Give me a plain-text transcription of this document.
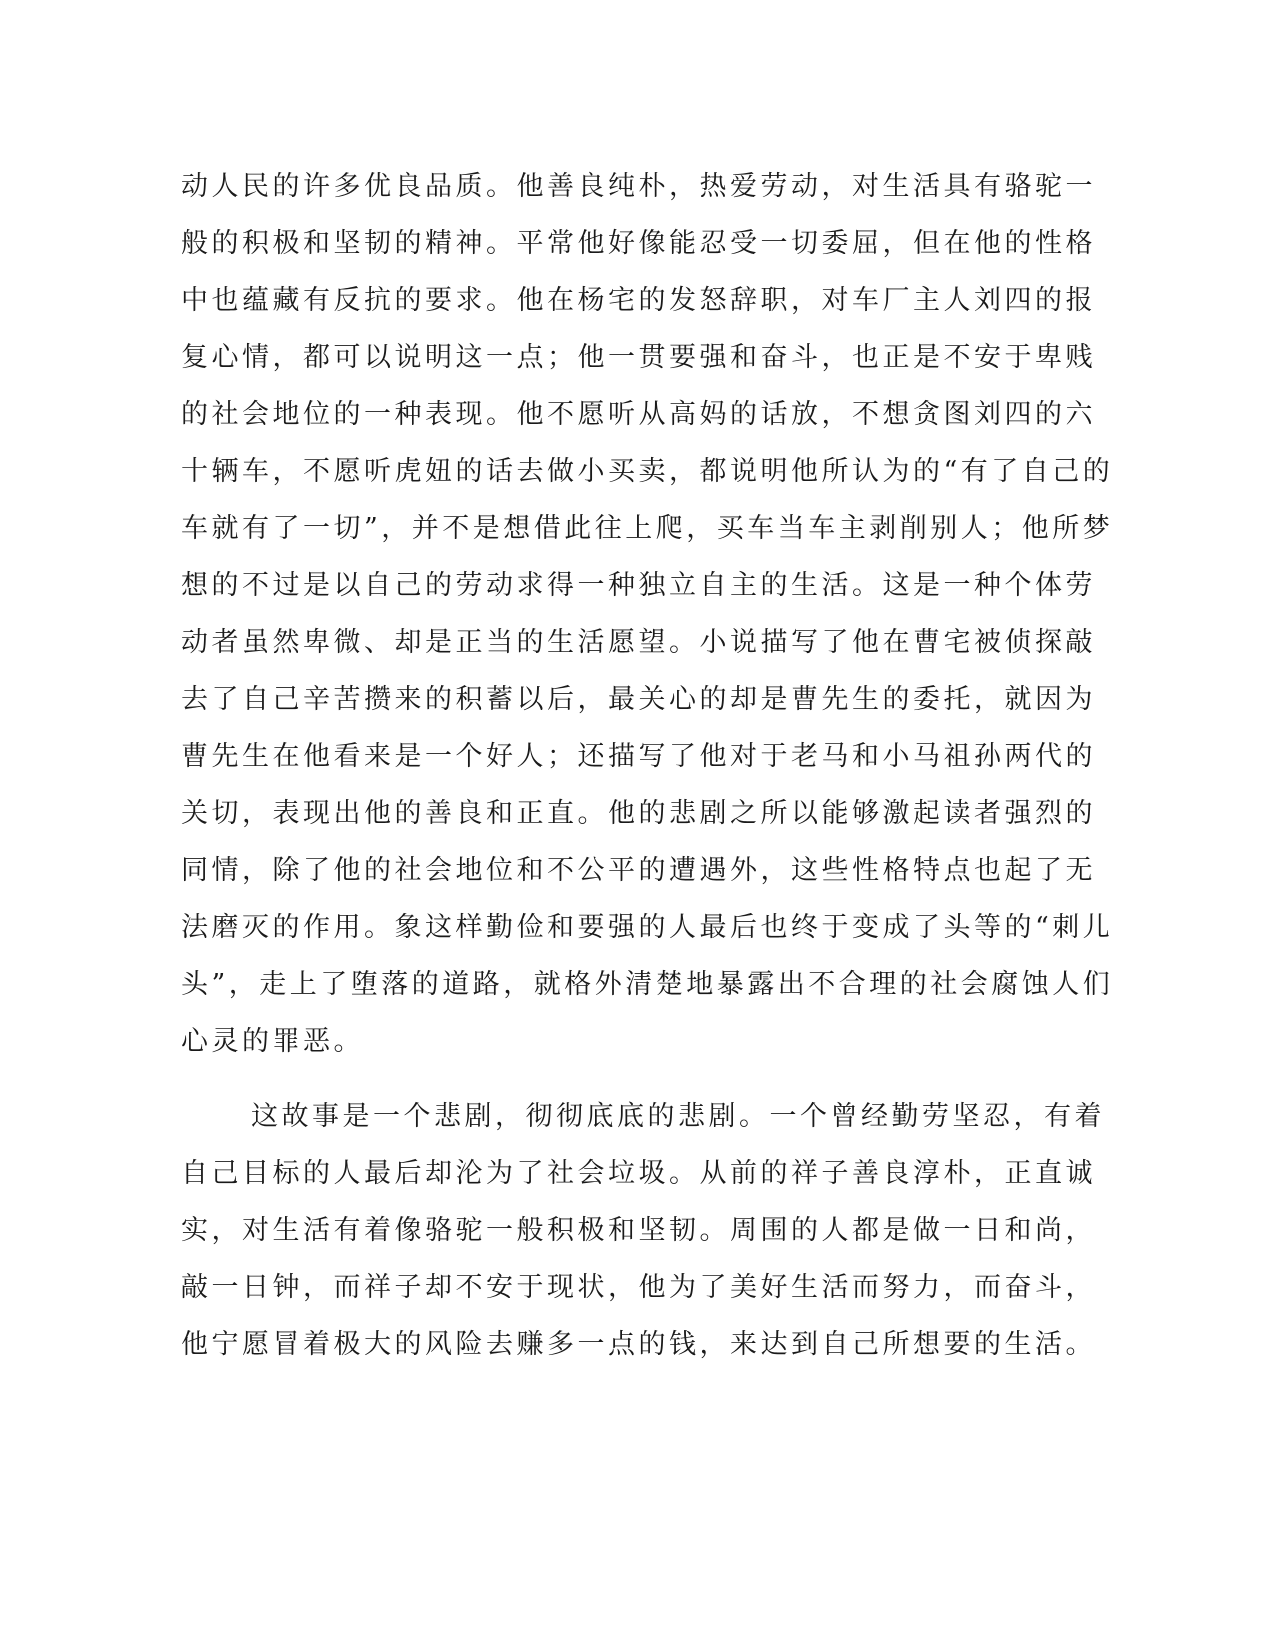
动人民的许多优良品质。他善良纯朴，热爱劳动，对生活具有骆驼一
般的积极和坚韧的精神。平常他好像能忍受一切委屈，但在他的性格
中也蕴藏有反抗的要求。他在杨宅的发怒辞职，对车厂主人刘四的报
复心情，都可以说明这一点；他一贯要强和奋斗，也正是不安于卑贱
的社会地位的一种表现。他不愿听从高妈的话放，不想贪图刘四的六
十辆车，不愿听虎妞的话去做小买卖，都说明他所认为的“有了自己的
车就有了一切”，并不是想借此往上爬，买车当车主剥削别人；他所梦
想的不过是以自己的劳动求得一种独立自主的生活。这是一种个体劳
动者虽然卑微、却是正当的生活愿望。小说描写了他在曹宅被侦探敲
去了自己辛苦攒来的积蓄以后，最关心的却是曹先生的委托，就因为
曹先生在他看来是一个好人；还描写了他对于老马和小马祖孙两代的
关切，表现出他的善良和正直。他的悲剧之所以能够激起读者强烈的
同情，除了他的社会地位和不公平的遭遇外，这些性格特点也起了无
法磨灭的作用。象这样勤俭和要强的人最后也终于变成了头等的“刺儿
头”，走上了堕落的道路，就格外清楚地暴露出不合理的社会腐蚀人们
心灵的罪恶。
这故事是一个悲剧，彻彻底底的悲剧。一个曾经勤劳坚忍，有着
自己目标的人最后却沦为了社会垃圾。从前的祥子善良淳朴，正直诚
实，对生活有着像骆驼一般积极和坚韧。周围的人都是做一日和尚，
敲一日钟，而祥子却不安于现状，他为了美好生活而努力，而奋斗，
他宁愿冒着极大的风险去赚多一点的钱，来达到自己所想要的生活。
